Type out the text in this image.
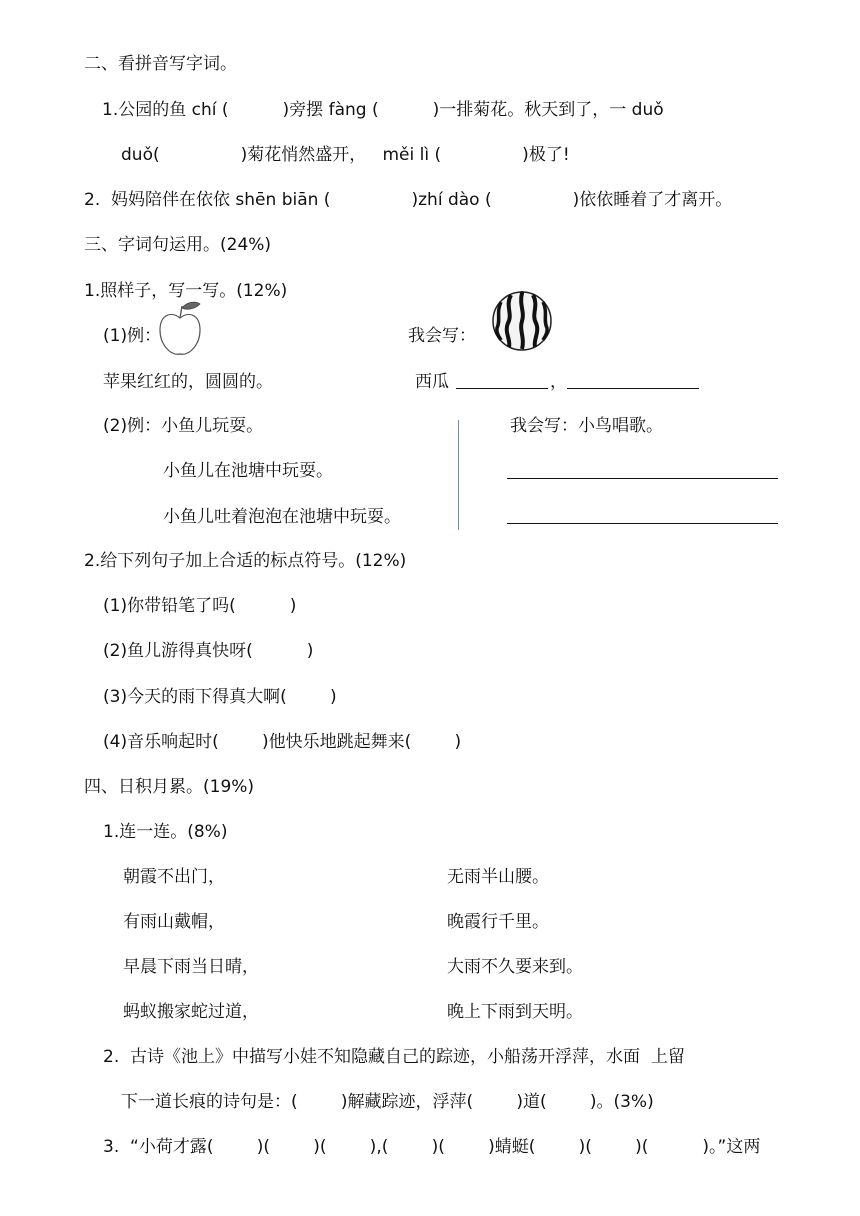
二、看拼音写字词。
1.公园的鱼 chí (          )旁摆 fàng (          )一排菊花。秋天到了，一 duǒ
duǒ(               )菊花悄然盛开，   měi lì (               )极了!
2.  妈妈陪伴在依依 shēn biān (               )zhí dào (               )依依睡着了才离开。
三、字词句运用。(24%)
1.照样子，写一写。(12%)
(1)例：	我会写：
苹果红红的，圆圆的。	西瓜	，
(2)例：小鱼儿玩耍。
小鱼儿在池塘中玩耍。
小鱼儿吐着泡泡在池塘中玩耍。
我会写：小鸟唱歌。
2.给下列句子加上合适的标点符号。(12%)
(1)你带铅笔了吗(          )
(2)鱼儿游得真快呀(          )
(3)今天的雨下得真大啊(        )
(4)音乐响起时(        )他快乐地跳起舞来(        )
四、日积月累。(19%)
1.连一连。(8%)
朝霞不出门，	无雨半山腰。
有雨山戴帽，	晚霞行千里。
早晨下雨当日晴，	大雨不久要来到。
蚂蚁搬家蛇过道，	晚上下雨到天明。
2.  古诗《池上》中描写小娃不知隐藏自己的踪迹，小船荡开浮萍，水面  上留
下一道长痕的诗句是：(        )解藏踪迹，浮萍(        )道(        )。(3%)
3.  “小荷才露(        )(        )(        ),(        )(        )蜻蜓(        )(        )(          )。”这两
